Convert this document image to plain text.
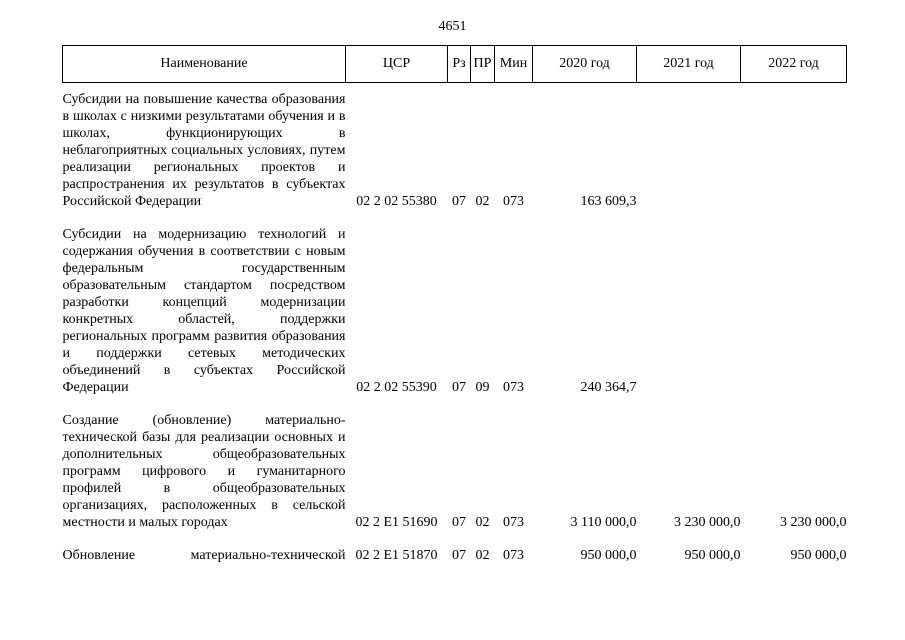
4651
Наименование	ЦСР	Рз	ПР	Мин	2020 год	2021 год	2022 год

Субсидии на повышение качества образования в школах с низкими результатами обучения и в школах, функционирующих в неблагоприятных социальных условиях, путем реализации региональных проектов и распространения их результатов в субъектах Российской Федерации	02 2 02 55380	07	02	073	163 609,3		

Субсидии на модернизацию технологий и содержания обучения в соответствии с новым федеральным государственным образовательным стандартом посредством разработки концепций модернизации конкретных областей, поддержки региональных программ развития образования и поддержки сетевых методических объединений в субъектах Российской Федерации	02 2 02 55390	07	09	073	240 364,7		

Создание (обновление) материально-технической базы для реализации основных и дополнительных общеобразовательных программ цифрового и гуманитарного профилей в общеобразовательных организациях, расположенных в сельской местности и малых городах	02 2 E1 51690	07	02	073	3 110 000,0	3 230 000,0	3 230 000,0

Обновление материально-технической	02 2 E1 51870	07	02	073	950 000,0	950 000,0	950 000,0
